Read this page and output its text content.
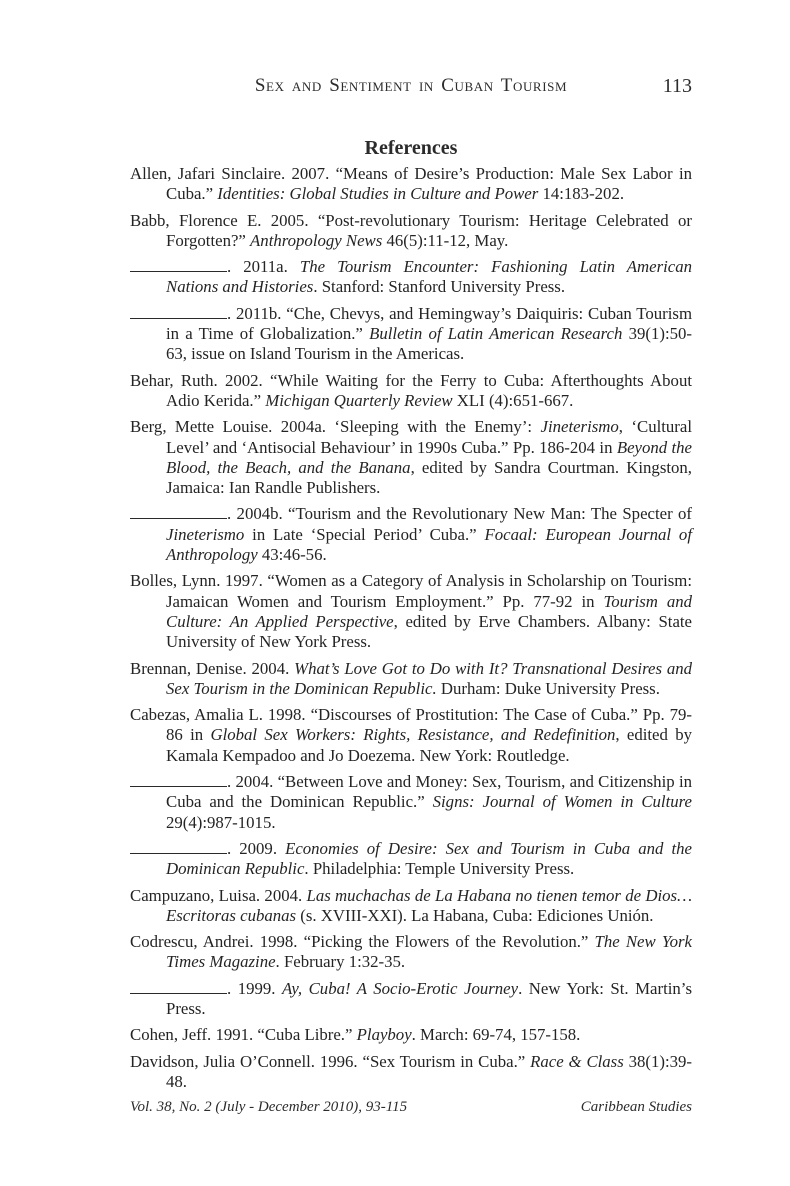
Sex and Sentiment in Cuban Tourism	113
References

Allen, Jafari Sinclaire. 2007. “Means of Desire’s Production: Male Sex Labor in Cuba.” Identities: Global Studies in Culture and Power 14:183-202.

Babb, Florence E. 2005. “Post-revolutionary Tourism: Heritage Celebrated or Forgotten?” Anthropology News 46(5):11-12, May.

. 2011a. The Tourism Encounter: Fashioning Latin American Nations and Histories. Stanford: Stanford University Press.

. 2011b. “Che, Chevys, and Hemingway’s Daiquiris: Cuban Tourism in a Time of Globalization.” Bulletin of Latin American Research 39(1):50-63, issue on Island Tourism in the Americas.

Behar, Ruth. 2002. “While Waiting for the Ferry to Cuba: Afterthoughts About Adio Kerida.” Michigan Quarterly Review XLI (4):651-667.

Berg, Mette Louise. 2004a. ‘Sleeping with the Enemy’: Jineterismo, ‘Cultural Level’ and ‘Antisocial Behaviour’ in 1990s Cuba.” Pp. 186-204 in Beyond the Blood, the Beach, and the Banana, edited by Sandra Courtman. Kingston, Jamaica: Ian Randle Publishers.

. 2004b. “Tourism and the Revolutionary New Man: The Specter of Jineterismo in Late ‘Special Period’ Cuba.” Focaal: European Journal of Anthropology 43:46-56.

Bolles, Lynn. 1997. “Women as a Category of Analysis in Scholarship on Tourism: Jamaican Women and Tourism Employment.” Pp. 77-92 in Tourism and Culture: An Applied Perspective, edited by Erve Chambers. Albany: State University of New York Press.

Brennan, Denise. 2004. What’s Love Got to Do with It? Transnational Desires and Sex Tourism in the Dominican Republic. Durham: Duke University Press.

Cabezas, Amalia L. 1998. “Discourses of Prostitution: The Case of Cuba.” Pp. 79-86 in Global Sex Workers: Rights, Resistance, and Redefinition, edited by Kamala Kempadoo and Jo Doezema. New York: Routledge.

. 2004. “Between Love and Money: Sex, Tourism, and Citizenship in Cuba and the Dominican Republic.” Signs: Journal of Women in Culture 29(4):987-1015.

. 2009. Economies of Desire: Sex and Tourism in Cuba and the Dominican Republic. Philadelphia: Temple University Press.

Campuzano, Luisa. 2004. Las muchachas de La Habana no tienen temor de Dios… Escritoras cubanas (s. XVIII-XXI). La Habana, Cuba: Ediciones Unión.

Codrescu, Andrei. 1998. “Picking the Flowers of the Revolution.” The New York Times Magazine. February 1:32-35.

. 1999. Ay, Cuba! A Socio-Erotic Journey. New York: St. Martin’s Press.

Cohen, Jeff. 1991. “Cuba Libre.” Playboy. March: 69-74, 157-158.

Davidson, Julia O’Connell. 1996. “Sex Tourism in Cuba.” Race & Class 38(1):39-48.

Vol. 38, No. 2 (July - December 2010), 93-115	Caribbean Studies
